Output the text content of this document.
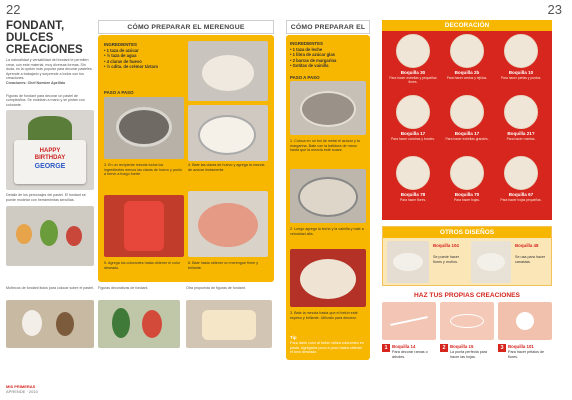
22
FONDANT,
DULCES CREACIONES
La naturalidad y versatilidad del fondant te permiten crear, con este material, muy diversas formas. Sin duda, es la opción más popular para decorar pasteles. Aprende a trabajarlo y sorprende a todos con tus creaciones.
Creaciones: Chef Nombre Apellido
Figuras de fondant para decorar un pastel de cumpleaños. Se moldean a mano y se pintan con colorante.
HAPPY
BIRTHDAY
GEORGE
Detalle de los personajes del pastel. El fondant se puede modelar con herramientas sencillas.
Muñecos de fondant listos para colocar sobre el pastel. Figuras decorativas de fondant.	Otra propuesta de figuras de fondant.
MIS PRIMERAS
APRENDE · 2010
CÓMO PREPARAR EL MERENGUE
INGREDIENTES
• 1 taza de azúcar
• ½ taza de agua
• 4 claras de huevo
• ½ cdita. de crémor tártaro
PASO A PASO
3. En un recipiente mezcla todos los ingredientes menos las claras de huevo y ponlo a hervir a fuego fuerte.
4. Bate las claras de huevo y agrega la mezcla de azúcar lentamente.
5. Agrega los colorantes hasta obtener el color deseado.
6. Bate hasta obtener un merengue firme y brillante.
23
CÓMO PREPARAR EL
INGREDIENTES
• 1 taza de leche
• 1 libra de azúcar glas
• 2 barras de margarina
• Gotitas de vainilla
PASO A PASO
1. Coloca en un bol de metal el azúcar y la margarina. Bate con la batidora de mano hasta que la mezcla esté suave.
2. Luego agrega la leche y la vainilla y bate a velocidad alta.
3. Bate la mezcla hasta que el betún esté espeso y brillante. Utilízalo para decorar.
Tip
Para darle color al betún utiliza colorantes en pasta. Agrégalos poco a poco hasta obtener el tono deseado.
DECORACIÓN
Boquilla 30
Para hacer estrellas y pequeñas flores.
Boquilla 2b
Para hacer cestos y tejidos.
Boquilla 10
Para hacer perlas y puntos.
Boquilla 17
Para hacer conchas y bordes.
Boquilla 17
Para hacer estrellas grandes.
Boquilla 21?
Para hacer rosetas.
Boquilla 78
Para hacer flores.
Boquilla 70
Para hacer hojas.
Boquilla 67
Para hacer hojas pequeñas.
OTROS DISEÑOS
Boquilla 104
Se puede hacer flores y moños.
Boquilla 48
Se usa para hacer canastas.
HAZ TUS PROPIAS CREACIONES
1	Boquilla 14
Para decorar ramas o árboles.
2	Boquilla 15
La punta perfecta para hacer las hojas.
3	Boquilla 101
Para hacer pétalos de flores.
